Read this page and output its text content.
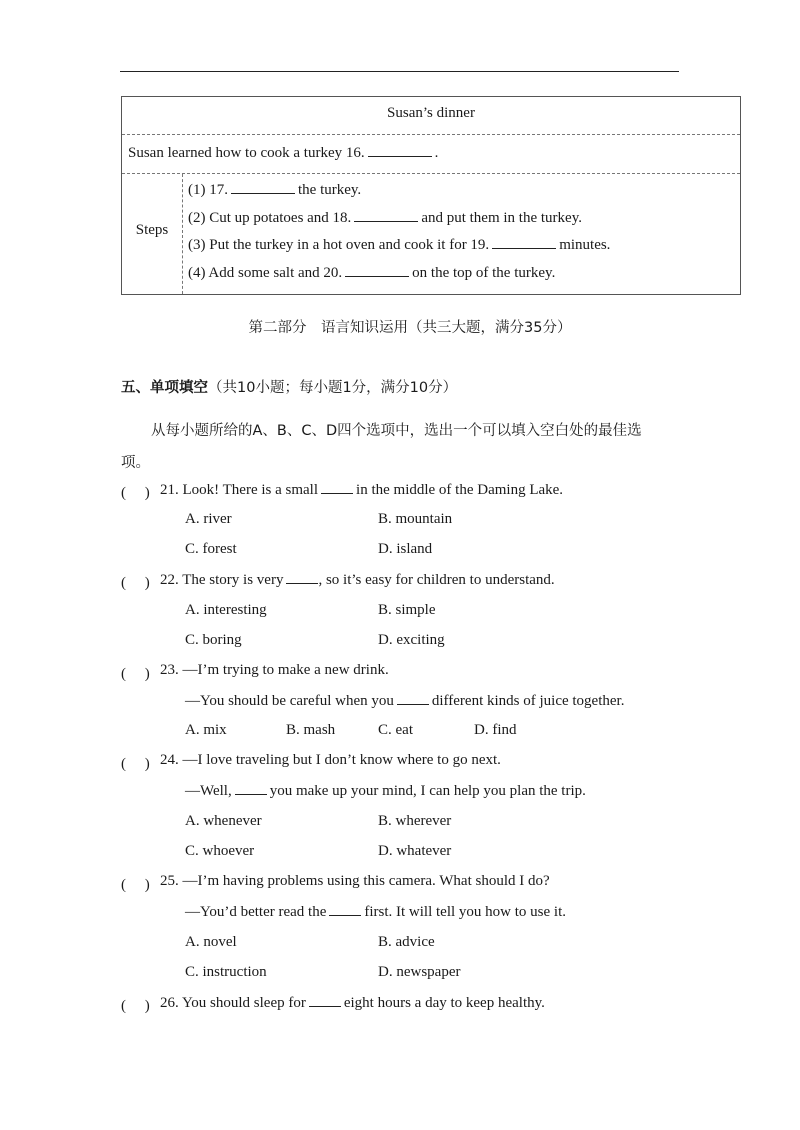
Susan’s dinner
Susan learned how to cook a turkey 16.	.
Steps
(1) 17.	the turkey.
(2) Cut up potatoes and 18.	and put them in the turkey.
(3) Put the turkey in a hot oven and cook it for 19.	minutes.
(4) Add some salt and 20.	on the top of the turkey.
第二部分　语言知识运用（共三大题，满分35分）
五、单项填空（共10小题；每小题1分，满分10分）
从每小题所给的A、B、C、D四个选项中，选出一个可以填入空白处的最佳选
项。
(　 ) 21. Look! There is a small	in the middle of the Daming Lake.
A. river	B. mountain
C. forest	D. island
(　 ) 22. The story is very , so it’s easy for children to understand.
A. interesting	B. simple
C. boring	D. exciting
(　 ) 23. —I’m trying to make a new drink.
—You should be careful when you	different kinds of juice together.
A. mix	B. mash	C. eat	D. find
(　 ) 24. —I love traveling but I don’t know where to go next.
—Well,	you make up your mind, I can help you plan the trip.
A. whenever	B. wherever
C. whoever	D. whatever
(　 ) 25. —I’m having problems using this camera. What should I do?
—You’d better read the	first. It will tell you how to use it.
A. novel	B. advice
C. instruction	D. newspaper
(　 ) 26. You should sleep for	eight hours a day to keep healthy.
